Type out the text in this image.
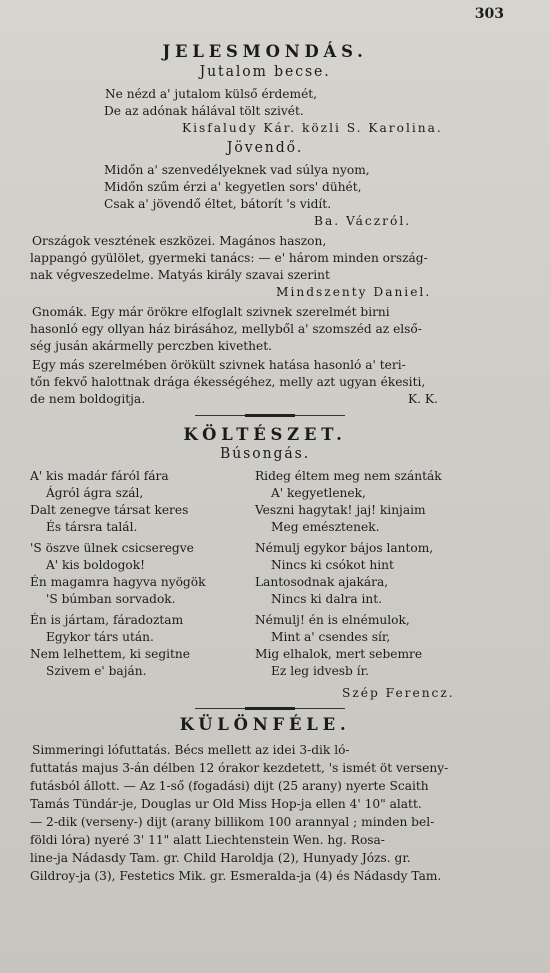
303
JELESMONDÁS.
Jutalom becse.
Ne nézd a' jutalom külső érdemét,
De az adónak hálával tölt szivét.
Kisfaludy Kár. közli S. Karolina.
Jövendő.
Midőn a' szenvedélyeknek vad súlya nyom,
Midőn szűm érzi a' kegyetlen sors' dühét,
Csak a' jövendő éltet, bátorít 's vidít.
Ba. Váczról.
Országok vesztének eszközei. Magános haszon,
lappangó gyülölet, gyermeki tanács: — e' három minden ország-
nak végveszedelme. Matyás király szavai szerint
Mindszenty Daniel.
Gnomák. Egy már örökre elfoglalt szivnek szerelmét birni
hasonló egy ollyan ház birásához, mellyből a' szomszéd az első-
ség jusán akármelly perczben kivethet.
Egy más szerelmében örökült szivnek hatása hasonló a' teri-
tőn fekvő halottnak drága ékességéhez, melly azt ugyan ékesiti,
de nem boldogitja.	K. K.
KÖLTÉSZET.
Búsongás.
A' kis madár fáról fára
Ágról ágra szál,
Dalt zenegve társat keres
És társra talál.
'S öszve ülnek csicseregve
A' kis boldogok!
Én magamra hagyva nyögök
'S búmban sorvadok.
Én is jártam, fáradoztam
Egykor társ után.
Nem lelhettem, ki segitne
Szivem e' baján.
Rideg éltem meg nem szánták
A' kegyetlenek,
Veszni hagytak! jaj! kinjaim
Meg emésztenek.
Némulj egykor bájos lantom,
Nincs ki csókot hint
Lantosodnak ajakára,
Nincs ki dalra int.
Némulj! én is elnémulok,
Mint a' csendes sír,
Mig elhalok, mert sebemre
Ez leg idvesb ír.
Szép Ferencz.
KÜLÖNFÉLE.
Simmeringi lófuttatás. Bécs mellett az idei 3-dik ló-
futtatás majus 3-án délben 12 órakor kezdetett, 's ismét öt verseny-
futásból állott. — Az 1-ső (fogadási) dijt (25 arany) nyerte Scaith
Tamás Tündár-je, Douglas ur Old Miss Hop-ja ellen 4' 10" alatt.
— 2-dik (verseny-) dijt (arany billikom 100 arannyal ; minden bel-
földi lóra) nyeré 3' 11" alatt Liechtenstein Wen. hg. Rosa-
line-ja Nádasdy Tam. gr. Child Haroldja (2), Hunyady Józs. gr.
Gildroy-ja (3), Festetics Mik. gr. Esmeralda-ja (4) és Nádasdy Tam.
